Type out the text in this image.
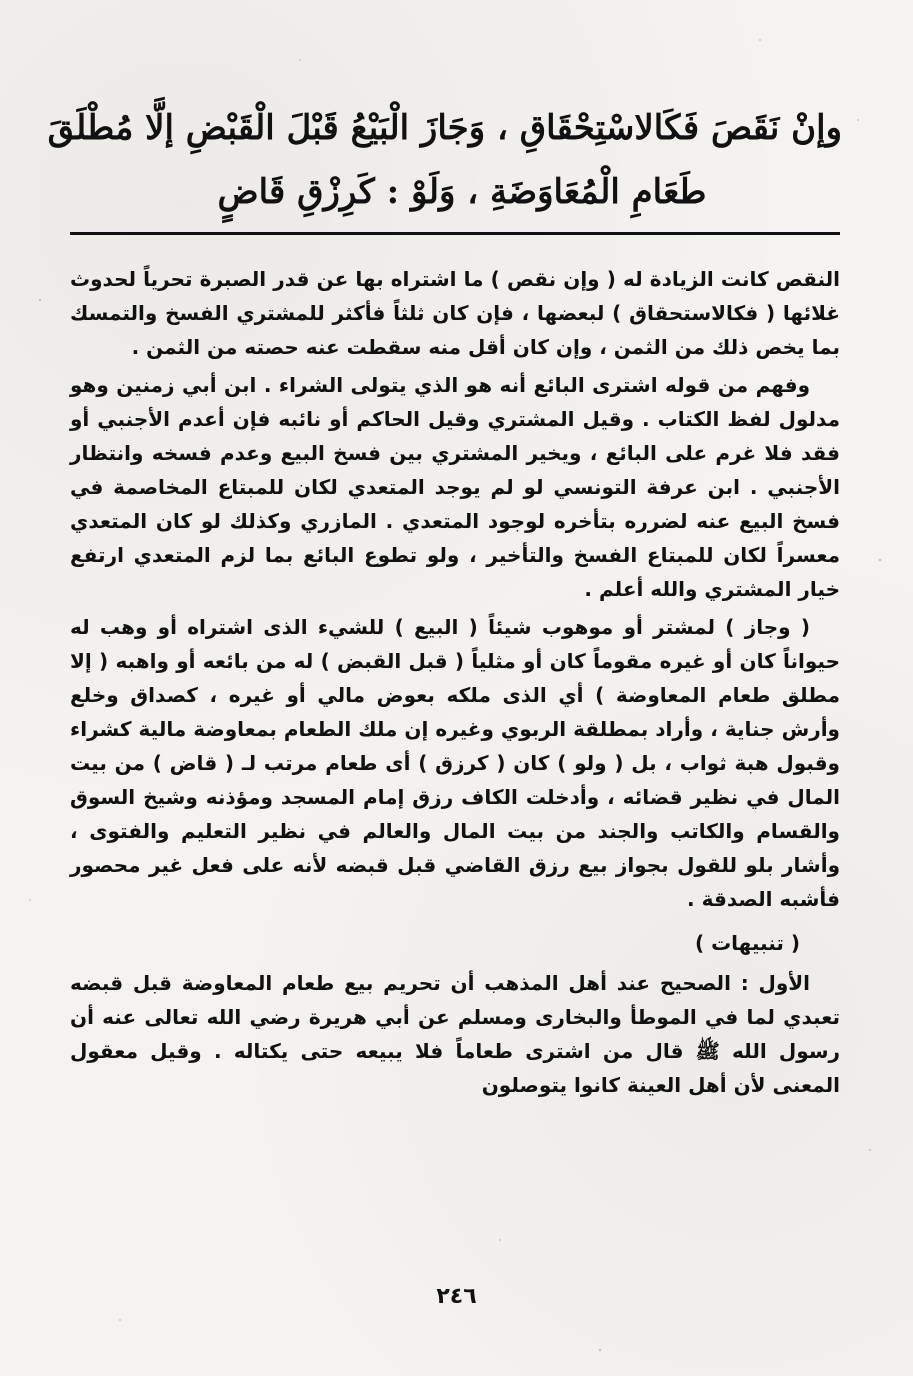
وإنْ نَقَصَ فَكَالاسْتِحْقَاقِ ، وَجَازَ الْبَيْعُ قَبْلَ الْقَبْضِ إلَّا مُطْلَقَ

طَعَامِ الْمُعَاوَضَةِ ، وَلَوْ : كَرِزْقِ قَاضٍ

النقص كانت الزيادة له ( وإن نقص ) ما اشتراه بها عن قدر الصبرة تحرياً لحدوث غلائها ( فكالاستحقاق ) لبعضها ، فإن كان ثلثاً فأكثر للمشتري الفسخ والتمسك بما يخص ذلك من الثمن ، وإن كان أقل منه سقطت عنه حصته من الثمن .

وفهم من قوله اشترى البائع أنه هو الذي يتولى الشراء . ابن أبي زمنين وهو مدلول لفظ الكتاب . وقيل المشتري وقيل الحاكم أو نائبه فإن أعدم الأجنبي أو فقد فلا غرم على البائع ، ويخير المشتري بين فسخ البيع وعدم فسخه وانتظار الأجنبي . ابن عرفة التونسي لو لم يوجد المتعدي لكان للمبتاع المخاصمة في فسخ البيع عنه لضرره بتأخره لوجود المتعدي . المازري وكذلك لو كان المتعدي معسراً لكان للمبتاع الفسخ والتأخير ، ولو تطوع البائع بما لزم المتعدي ارتفع خيار المشتري والله أعلم .

( وجاز ) لمشتر أو موهوب شيئاً ( البيع ) للشيء الذى اشتراه أو وهب له حيواناً كان أو غيره مقوماً كان أو مثلياً ( قبل القبض ) له من بائعه أو واهبه ( إلا مطلق طعام المعاوضة ) أي الذى ملكه بعوض مالي أو غيره ، كصداق وخلع وأرش جناية ، وأراد بمطلقة الربوي وغيره إن ملك الطعام بمعاوضة مالية كشراء وقبول هبة ثواب ، بل ( ولو ) كان ( كرزق ) أى طعام مرتب لـ ( قاض ) من بيت المال في نظير قضائه ، وأدخلت الكاف رزق إمام المسجد ومؤذنه وشيخ السوق والقسام والكاتب والجند من بيت المال والعالم في نظير التعليم والفتوى ، وأشار بلو للقول بجواز بيع رزق القاضي قبل قبضه لأنه على فعل غير محصور فأشبه الصدقة .

( تنبيهات )

الأول : الصحيح عند أهل المذهب أن تحريم بيع طعام المعاوضة قبل قبضه تعبدي لما في الموطأ والبخارى ومسلم عن أبي هريرة رضي الله تعالى عنه أن رسول الله ﷺ قال من اشترى طعاماً فلا يبيعه حتى يكتاله . وقيل معقول المعنى لأن أهل العينة كانوا يتوصلون

٢٤٦
